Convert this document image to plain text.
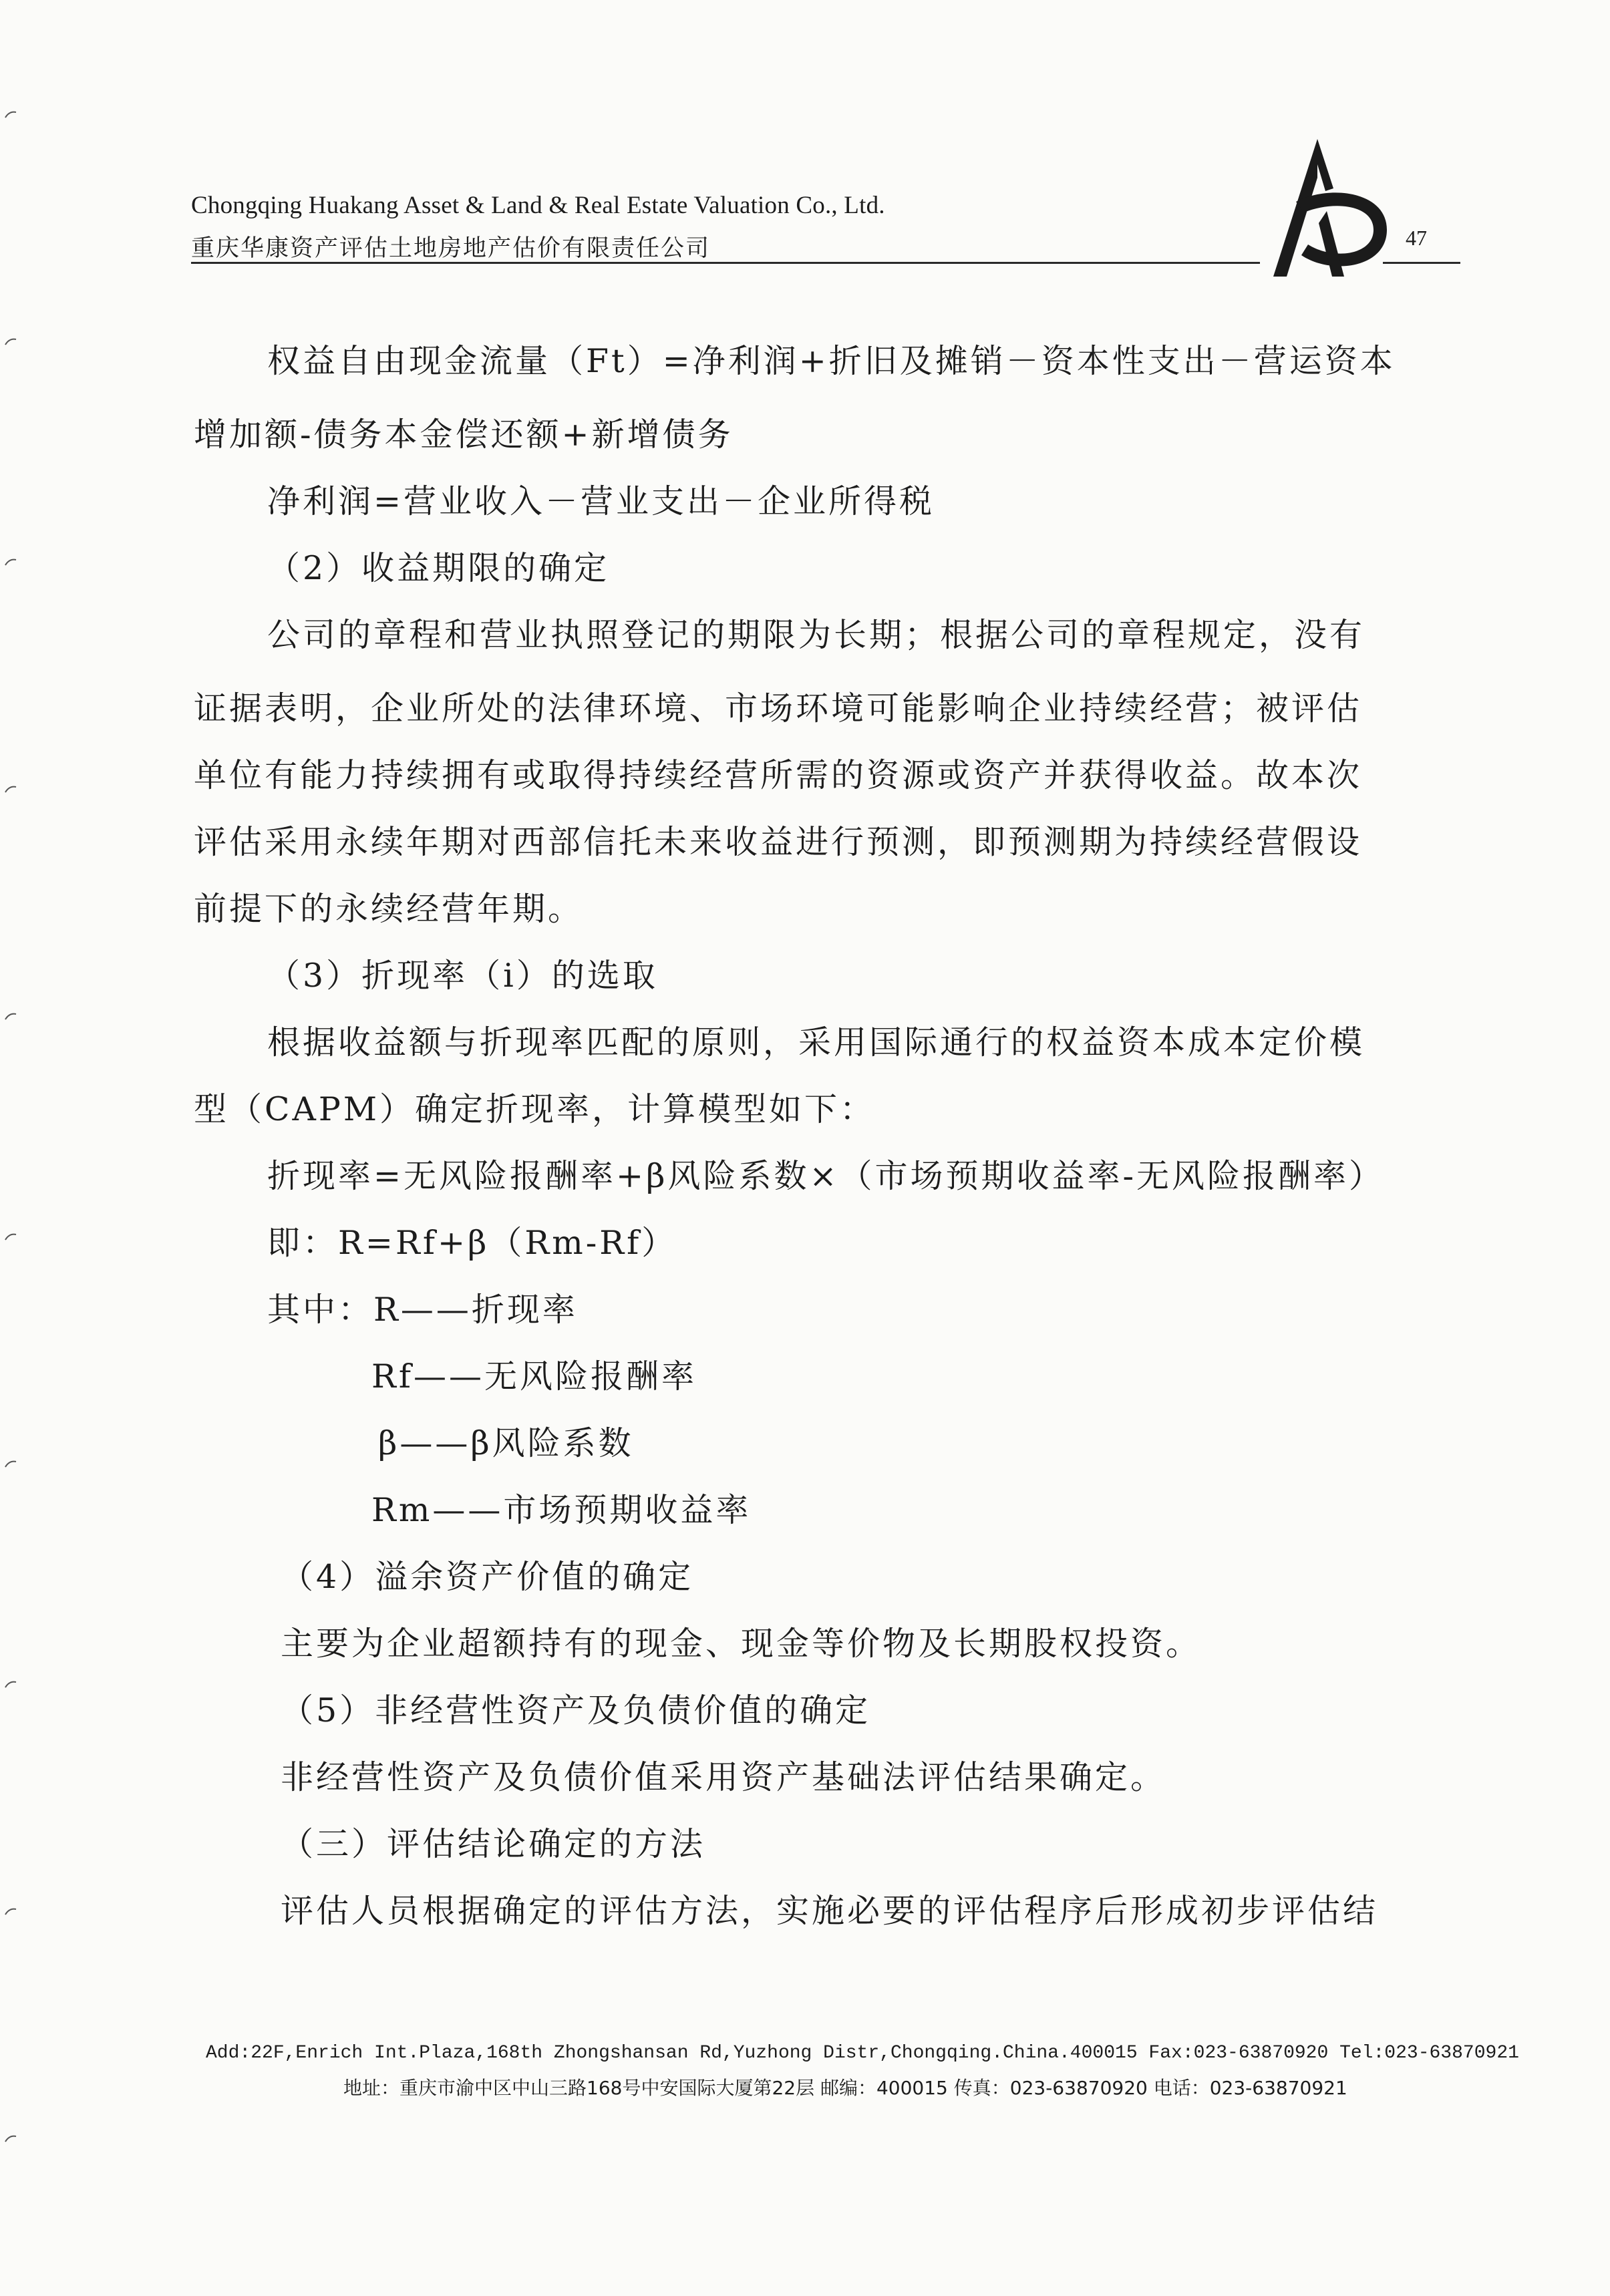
Chongqing Huakang Asset & Land & Real Estate Valuation Co., Ltd.
重庆华康资产评估土地房地产估价有限责任公司	47
权益自由现金流量（Ft）=净利润+折旧及摊销－资本性支出－营运资本
增加额-债务本金偿还额+新增债务
净利润=营业收入－营业支出－企业所得税
（2）收益期限的确定
公司的章程和营业执照登记的期限为长期；根据公司的章程规定，没有
证据表明，企业所处的法律环境、市场环境可能影响企业持续经营；被评估
单位有能力持续拥有或取得持续经营所需的资源或资产并获得收益。故本次
评估采用永续年期对西部信托未来收益进行预测，即预测期为持续经营假设
前提下的永续经营年期。
（3）折现率（i）的选取
根据收益额与折现率匹配的原则，采用国际通行的权益资本成本定价模
型（CAPM）确定折现率，计算模型如下：
折现率=无风险报酬率+β风险系数×（市场预期收益率-无风险报酬率）
即：R=Rf+β（Rm-Rf）
其中：R——折现率
Rf——无风险报酬率
β——β风险系数
Rm——市场预期收益率
（4）溢余资产价值的确定
主要为企业超额持有的现金、现金等价物及长期股权投资。
（5）非经营性资产及负债价值的确定
非经营性资产及负债价值采用资产基础法评估结果确定。
（三）评估结论确定的方法
评估人员根据确定的评估方法，实施必要的评估程序后形成初步评估结
Add:22F,Enrich Int.Plaza,168th Zhongshansan Rd,Yuzhong Distr,Chongqing.China.400015 Fax:023-63870920 Tel:023-63870921
地址：重庆市渝中区中山三路168号中安国际大厦第22层 邮编：400015 传真：023-63870920 电话：023-63870921
